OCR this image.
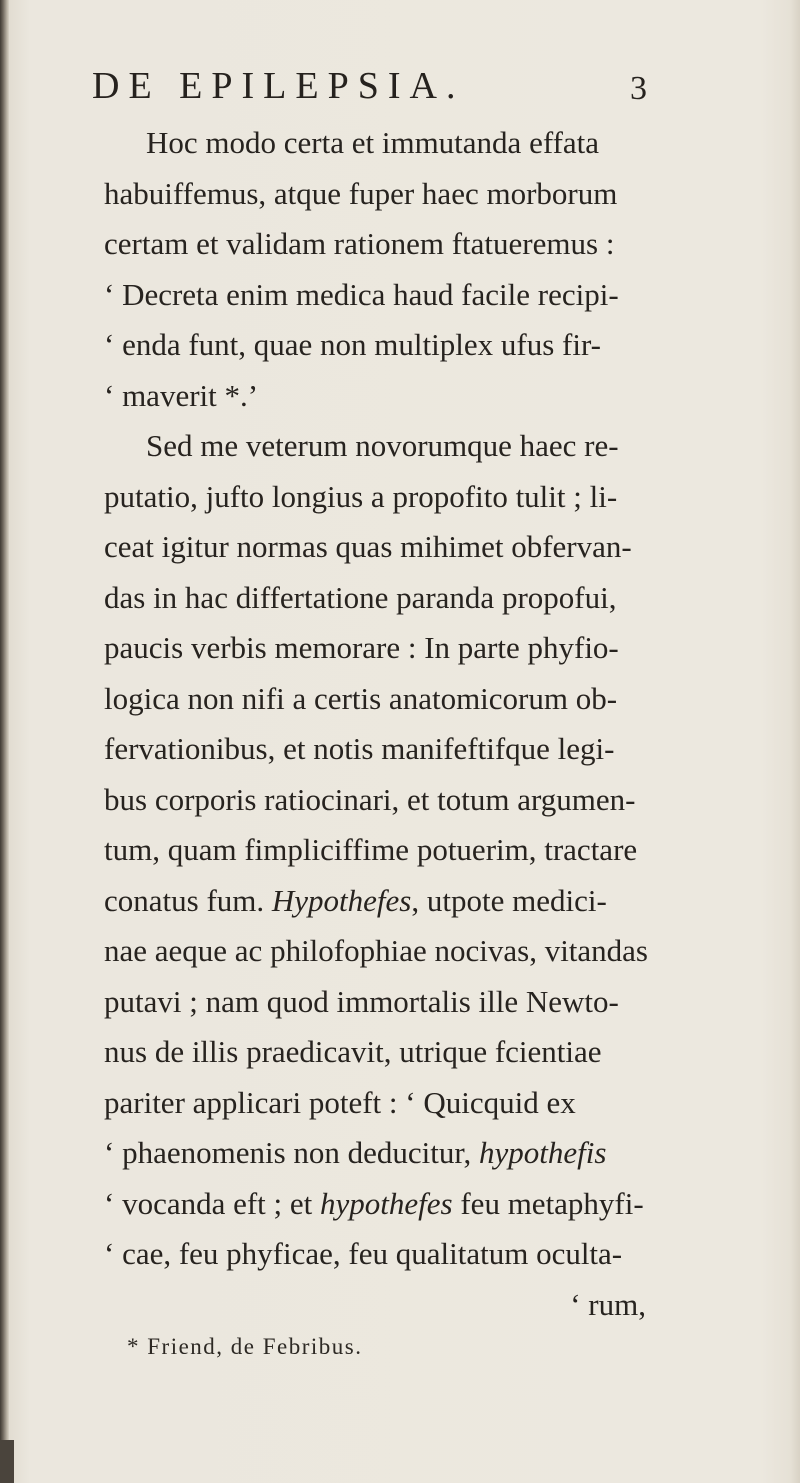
DE EPILEPSIA.	3
Hoc modo certa et immutanda effata
habuiffemus, atque fuper haec morborum
certam et validam rationem ftatueremus :
‘ Decreta enim medica haud facile recipi-
‘ enda funt, quae non multiplex ufus fir-
‘ maverit *.’
Sed me veterum novorumque haec re-
putatio, jufto longius a propofito tulit ; li-
ceat igitur normas quas mihimet obfervan-
das in hac differtatione paranda propofui,
paucis verbis memorare : In parte phyfio-
logica non nifi a certis anatomicorum ob-
fervationibus, et notis manifeftifque legi-
bus corporis ratiocinari, et totum argumen-
tum, quam fimpliciffime potuerim, tractare
conatus fum. Hypothefes, utpote medici-
nae aeque ac philofophiae nocivas, vitandas
putavi ; nam quod immortalis ille Newto-
nus de illis praedicavit, utrique fcientiae
pariter applicari poteft : ‘ Quicquid ex
‘ phaenomenis non deducitur, hypothefis
‘ vocanda eft ; et hypothefes feu metaphyfi-
‘ cae, feu phyficae, feu qualitatum oculta-
‘ rum,
* Friend, de Febribus.
